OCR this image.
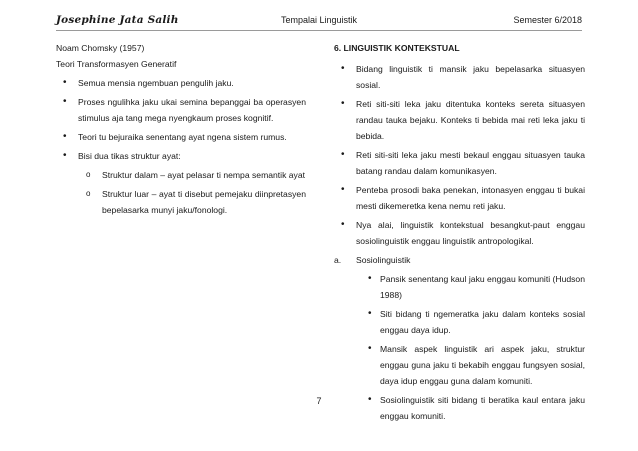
Josephine Jata Salih	Tempalai Linguistik	Semester 6/2018

Noam Chomsky (1957)

Teori Transformasyen Generatif

• Semua mensia ngembuan pengulih jaku.
• Proses ngulihka jaku ukai semina bepanggai ba operasyen stimulus aja tang mega nyengkaum proses kognitif.
• Teori tu bejuraika senentang ayat ngena sistem rumus.
• Bisi dua tikas struktur ayat:
o Struktur dalam – ayat pelasar ti nempa semantik ayat
o Struktur luar – ayat ti disebut pemejaku diinpretasyen bepelasarka munyi jaku/fonologi.

6. LINGUISTIK KONTEKSTUAL

• Bidang linguistik ti mansik jaku bepelasarka situasyen sosial.
• Reti siti-siti leka jaku ditentuka konteks sereta situasyen randau tauka bejaku. Konteks ti bebida mai reti leka jaku ti bebida.
• Reti siti-siti leka jaku mesti bekaul enggau situasyen tauka batang randau dalam komunikasyen.
• Penteba prosodi baka penekan, intonasyen enggau ti bukai mesti dikemeretka kena nemu reti jaku.
• Nya alai, linguistik kontekstual besangkut-paut enggau sosiolinguistik enggau linguistik antropologikal.
a. Sosiolinguistik
• Pansik senentang kaul jaku enggau komuniti (Hudson 1988)
• Siti bidang ti ngemeratka jaku dalam konteks sosial enggau daya idup.
• Mansik aspek linguistik ari aspek jaku, struktur enggau guna jaku ti bekabih enggau fungsyen sosial, daya idup enggau guna dalam komuniti.
• Sosiolinguistik siti bidang ti beratika kaul entara jaku enggau komuniti.
7
